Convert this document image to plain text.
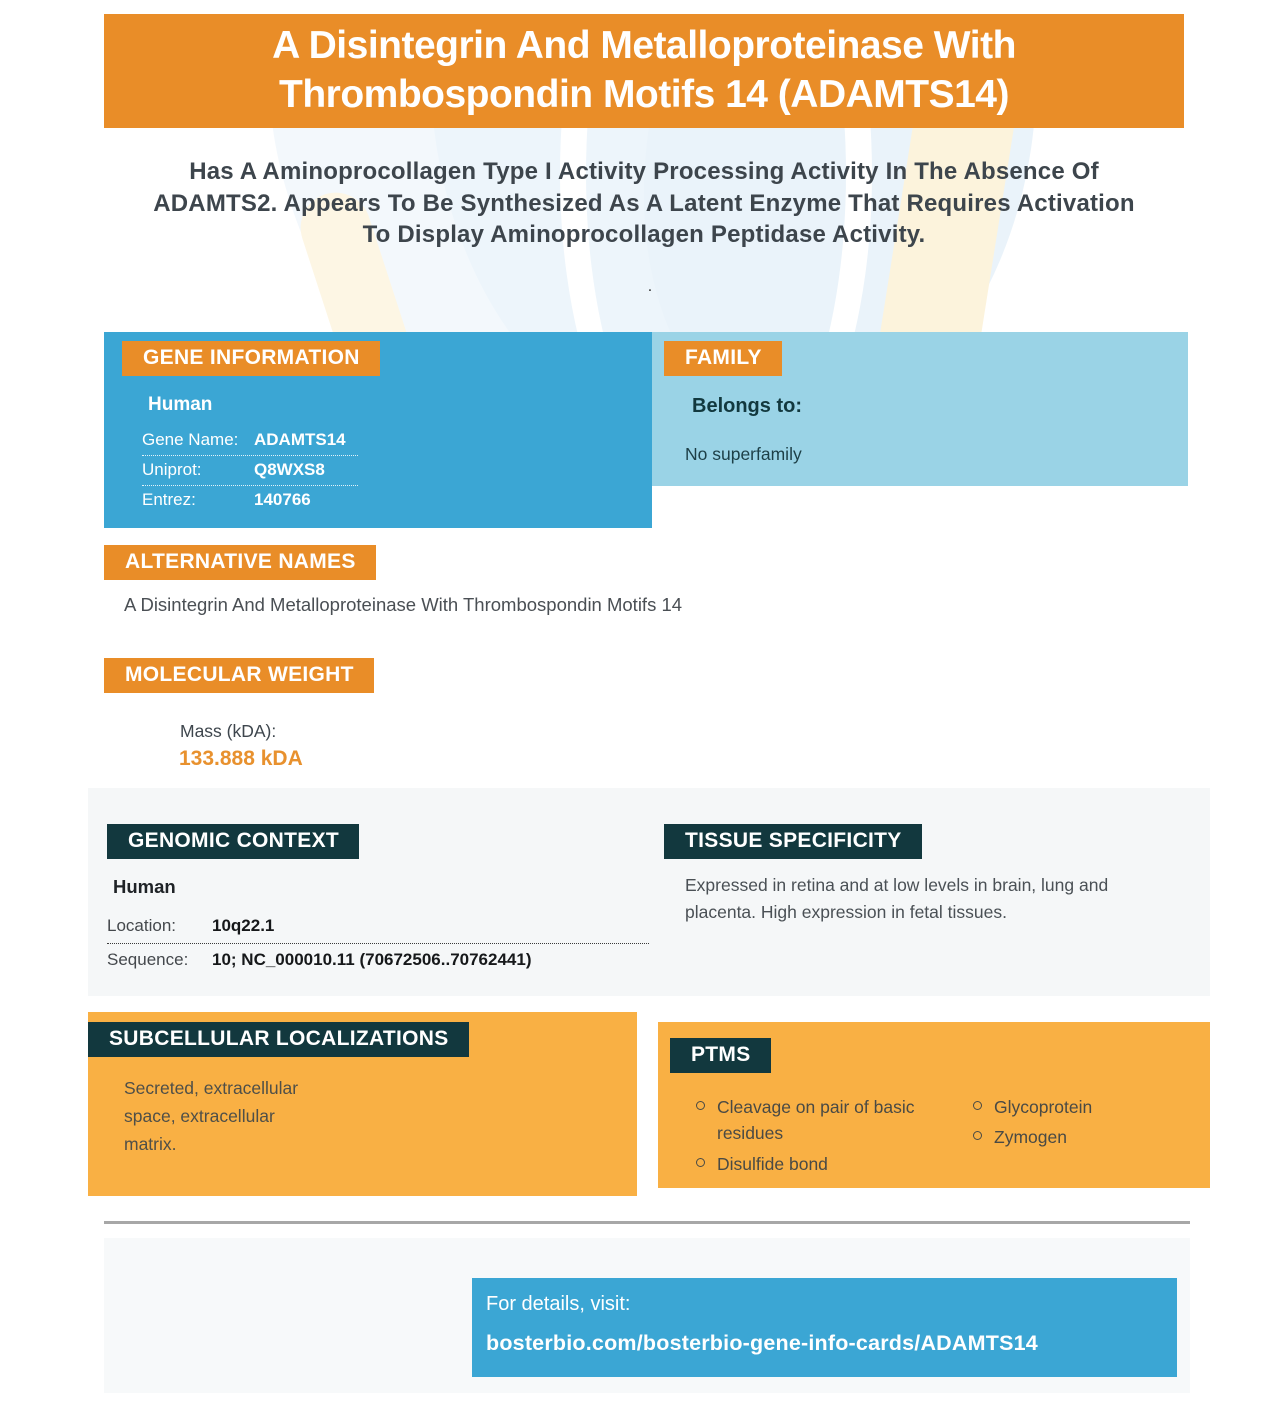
A Disintegrin And Metalloproteinase With Thrombospondin Motifs 14 (ADAMTS14)
Has A Aminoprocollagen Type I Activity Processing Activity In The Absence Of ADAMTS2. Appears To Be Synthesized As A Latent Enzyme That Requires Activation To Display Aminoprocollagen Peptidase Activity.
.
GENE INFORMATION
Human
Gene Name: ADAMTS14
Uniprot:	Q8WXS8
Entrez:	140766
FAMILY
Belongs to:
No superfamily
ALTERNATIVE NAMES
A Disintegrin And Metalloproteinase With Thrombospondin Motifs 14
MOLECULAR WEIGHT
Mass (kDA):
133.888 kDA
GENOMIC CONTEXT
Human
Location:	10q22.1
Sequence:	10; NC_000010.11 (70672506..70762441)
TISSUE SPECIFICITY
Expressed in retina and at low levels in brain, lung and placenta. High expression in fetal tissues.
SUBCELLULAR LOCALIZATIONS
Secreted, extracellular space, extracellular matrix.
PTMS
Cleavage on pair of basic residues
Disulfide bond
Glycoprotein
Zymogen
For details, visit:
bosterbio.com/bosterbio-gene-info-cards/ADAMTS14
